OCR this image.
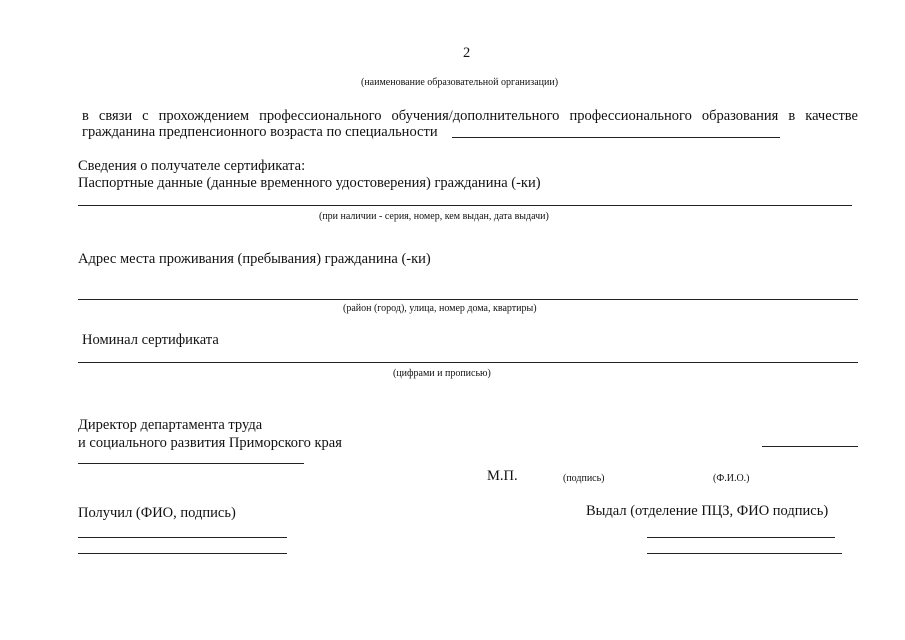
2
(наименование образовательной организации)
в связи с прохождением профессионального обучения/дополнительного профессионального образования в качестве
гражданина предпенсионного возраста по специальности
Сведения о получателе сертификата:
Паспортные данные (данные временного удостоверения) гражданина (-ки)
(при наличии - серия, номер, кем выдан, дата выдачи)
Адрес места проживания (пребывания) гражданина (-ки)
(район (город), улица, номер дома, квартиры)
Номинал сертификата
(цифрами и прописью)
Директор департамента труда
и социального развития Приморского края
М.П.	(подпись)	(Ф.И.О.)
Получил (ФИО, подпись)	Выдал (отделение ПЦЗ, ФИО подпись)
